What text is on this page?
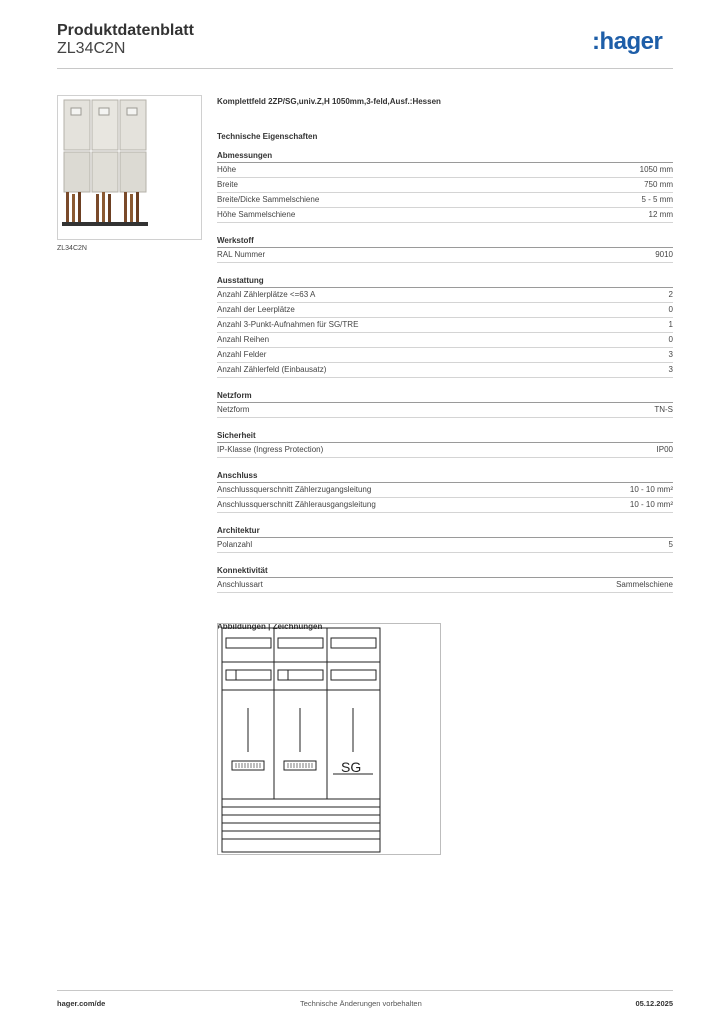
Produktdatenblatt
ZL34C2N	:hager
ZL34C2N
Komplettfeld 2ZP/SG,univ.Z,H 1050mm,3-feld,Ausf.:Hessen
Technische Eigenschaften
Abmessungen
Höhe	1050 mm
Breite	750 mm
Breite/Dicke Sammelschiene	5 - 5 mm
Höhe Sammelschiene	12 mm
Werkstoff
RAL Nummer	9010
Ausstattung
Anzahl Zählerplätze <=63 A	2
Anzahl der Leerplätze	0
Anzahl 3-Punkt-Aufnahmen für SG/TRE	1
Anzahl Reihen	0
Anzahl Felder	3
Anzahl Zählerfeld (Einbausatz)	3
Netzform
Netzform	TN-S
Sicherheit
IP-Klasse (Ingress Protection)	IP00
Anschluss
Anschlussquerschnitt Zählerzugangsleitung	10 - 10 mm²
Anschlussquerschnitt Zählerausgangsleitung	10 - 10 mm²
Architektur
Polanzahl	5
Konnektivität
Anschlussart	Sammelschiene
Abbildungen | Zeichnungen
SG
hager.com/de	Technische Änderungen vorbehalten	05.12.2025
